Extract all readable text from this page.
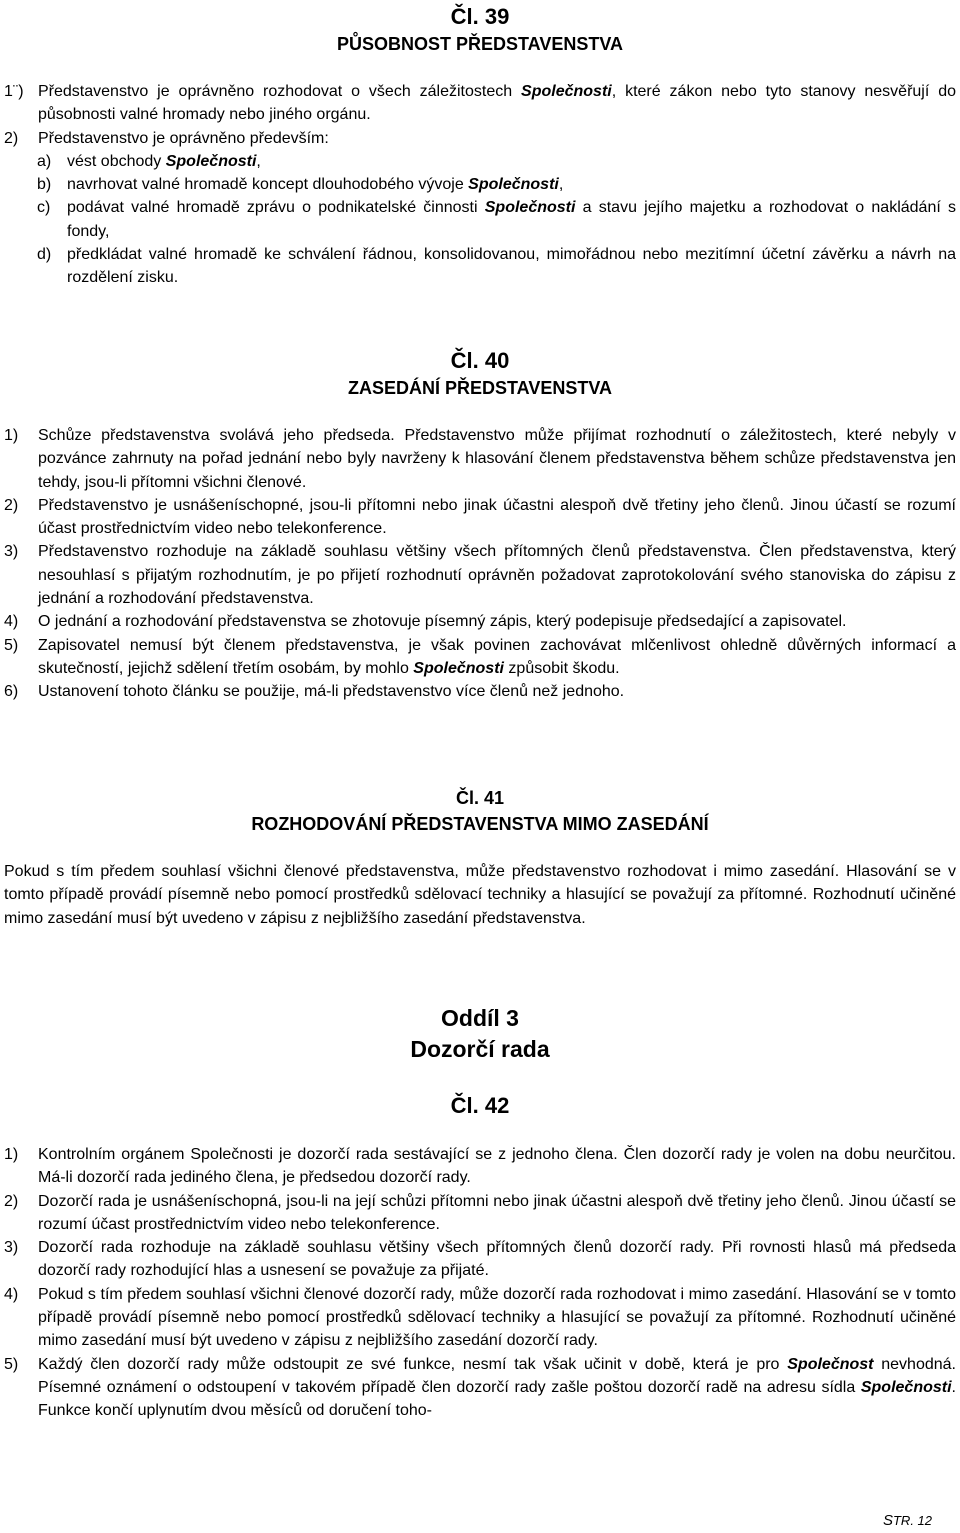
Čl. 39
PŮSOBNOST PŘEDSTAVENSTVA

1¨) Představenstvo je oprávněno rozhodovat o všech záležitostech Společnosti, které zákon nebo tyto stanovy nesvěřují do působnosti valné hromady nebo jiného orgánu.

2)	Představenstvo je oprávněno především:

a) vést obchody Společnosti,

b) navrhovat valné hromadě koncept dlouhodobého vývoje Společnosti,

c)	podávat valné hromadě zprávu o podnikatelské činnosti Společnosti a stavu jejího majetku a rozhodovat o nakládání s fondy,

d) předkládat valné hromadě ke schválení řádnou, konsolidovanou, mimořádnou nebo mezitímní účetní závěrku a návrh na rozdělení zisku.

Čl. 40
ZASEDÁNÍ PŘEDSTAVENSTVA

1)	Schůze představenstva svolává jeho předseda. Představenstvo může přijímat rozhodnutí o záležitostech, které nebyly v pozvánce zahrnuty na pořad jednání nebo byly navrženy k hlasování členem představenstva během schůze představenstva jen tehdy, jsou-li přítomni všichni členové.

2)	Představenstvo je usnášeníschopné, jsou-li přítomni nebo jinak účastni alespoň dvě třetiny jeho členů. Jinou účastí se rozumí účast prostřednictvím video nebo telekonference.

3)	Představenstvo rozhoduje na základě souhlasu většiny všech přítomných členů představenstva. Člen představenstva, který nesouhlasí s přijatým rozhodnutím, je po přijetí rozhodnutí oprávněn požadovat zaprotokolování svého stanoviska do zápisu z jednání a rozhodování představenstva.

4)	O jednání a rozhodování představenstva se zhotovuje písemný zápis, který podepisuje předsedající a zapisovatel.

5)	Zapisovatel nemusí být členem představenstva, je však povinen zachovávat mlčenlivost ohledně důvěrných informací a skutečností, jejichž sdělení třetím osobám, by mohlo Společnosti způsobit škodu.

6)	Ustanovení tohoto článku se použije, má-li představenstvo více členů než jednoho.

Čl. 41
ROZHODOVÁNÍ PŘEDSTAVENSTVA MIMO ZASEDÁNÍ

Pokud s tím předem souhlasí všichni členové představenstva, může představenstvo rozhodovat i mimo zasedání. Hlasování se v tomto případě provádí písemně nebo pomocí prostředků sdělovací techniky a hlasující se považují za přítomné. Rozhodnutí učiněné mimo zasedání musí být uvedeno v zápisu z nejbližšího zasedání představenstva.

Oddíl 3
Dozorčí rada
Čl. 42

1)	Kontrolním orgánem Společnosti je dozorčí rada sestávající se z jednoho člena. Člen dozorčí rady je volen na dobu neurčitou. Má-li dozorčí rada jediného člena, je předsedou dozorčí rady.

2)	Dozorčí rada je usnášeníschopná, jsou-li na její schůzi přítomni nebo jinak účastni alespoň dvě třetiny jeho členů. Jinou účastí se rozumí účast prostřednictvím video nebo telekonference.

3)	Dozorčí rada rozhoduje na základě souhlasu většiny všech přítomných členů dozorčí rady. Při rovnosti hlasů má předseda dozorčí rady rozhodující hlas a usnesení se považuje za přijaté.

4)	Pokud s tím předem souhlasí všichni členové dozorčí rady, může dozorčí rada rozhodovat i mimo zasedání. Hlasování se v tomto případě provádí písemně nebo pomocí prostředků sdělovací techniky a hlasující se považují za přítomné. Rozhodnutí učiněné mimo zasedání musí být uvedeno v zápisu z nejbližšího zasedání dozorčí rady.

5)	Každý člen dozorčí rady může odstoupit ze své funkce, nesmí tak však učinit v době, která je pro Společnost nevhodná. Písemné oznámení o odstoupení v takovém případě člen dozorčí rady zašle poštou dozorčí radě na adresu sídla Společnosti. Funkce končí uplynutím dvou měsíců od doručení toho-

STR. 12
